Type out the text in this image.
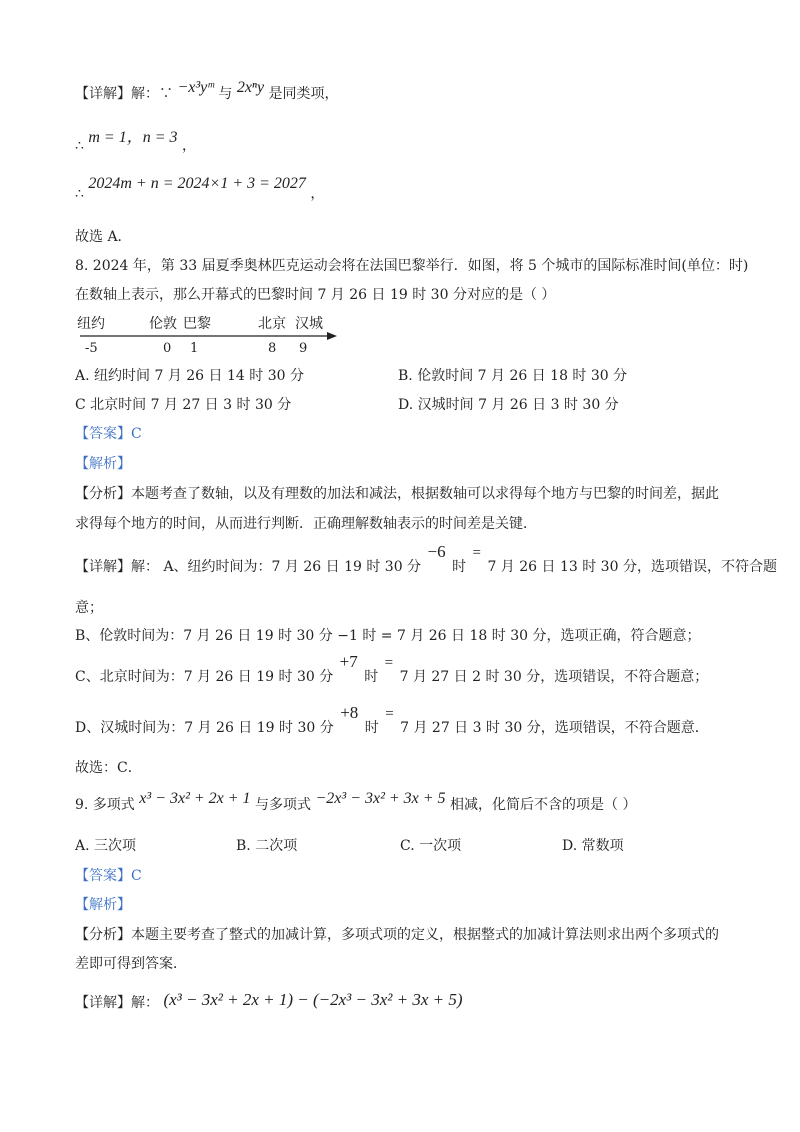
【详解】解：∵ −x³yᵐ 与 2xⁿy 是同类项，
∴ m = 1，n = 3 ，
∴ 2024m + n = 2024×1 + 3 = 2027 ，
故选 A．
8. 2024 年，第 33 届夏季奥林匹克运动会将在法国巴黎举行．如图，将 5 个城市的国际标准时间(单位：时)
在数轴上表示，那么开幕式的巴黎时间 7 月 26 日 19 时 30 分对应的是（ ）
纽约	伦敦 巴黎	北京 汉城
-5	0 1	8 9
A. 纽约时间 7 月 26 日 14 时 30 分	B. 伦敦时间 7 月 26 日 18 时 30 分
C 北京时间 7 月 27 日 3 时 30 分	D. 汉城时间 7 月 26 日 3 时 30 分
【答案】C
【解析】
【分析】本题考查了数轴，以及有理数的加法和减法，根据数轴可以求得每个地方与巴黎的时间差，据此
求得每个地方的时间，从而进行判断．正确理解数轴表示的时间差是关键．
【详解】解： A、纽约时间为：7 月 26 日 19 时 30 分 −6 时 = 7 月 26 日 13 时 30 分，选项错误，不符合题
意；
B、伦敦时间为：7 月 26 日 19 时 30 分 −1 时 = 7 月 26 日 18 时 30 分，选项正确，符合题意；
C、北京时间为：7 月 26 日 19 时 30 分 +7 时 = 7 月 27 日 2 时 30 分，选项错误，不符合题意；
D、汉城时间为：7 月 26 日 19 时 30 分 +8 时 = 7 月 27 日 3 时 30 分，选项错误，不符合题意．
故选：C．
9. 多项式 x³ − 3x² + 2x + 1 与多项式 −2x³ − 3x² + 3x + 5 相减，化简后不含的项是（ ）
A. 三次项	B. 二次项	C. 一次项	D. 常数项
【答案】C
【解析】
【分析】本题主要考查了整式的加减计算，多项式项的定义，根据整式的加减计算法则求出两个多项式的
差即可得到答案．
【详解】解： (x³ − 3x² + 2x + 1) − (−2x³ − 3x² + 3x + 5)
